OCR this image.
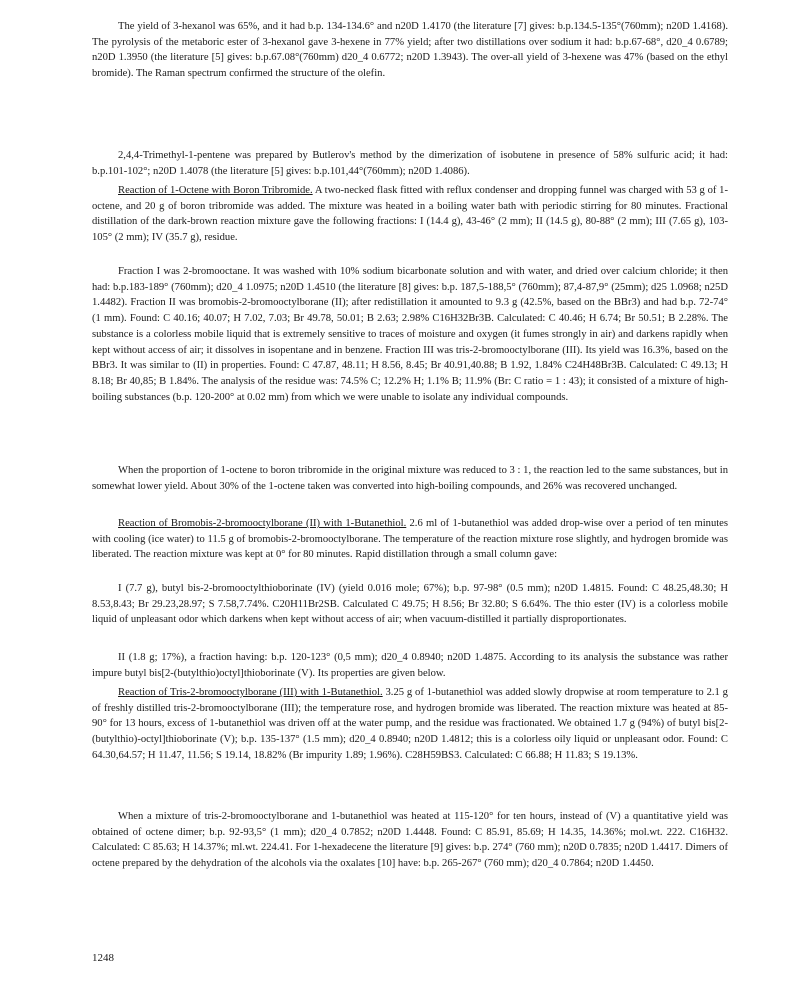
The yield of 3-hexanol was 65%, and it had b.p. 134-134.6° and n20D 1.4170 (the literature [7] gives: b.p.134.5-135°(760mm); n20D 1.4168). The pyrolysis of the metaboric ester of 3-hexanol gave 3-hexene in 77% yield; after two distillations over sodium it had: b.p.67-68°, d20_4 0.6789; n20D 1.3950 (the literature [5] gives: b.p.67.08°(760mm) d20_4 0.6772; n20D 1.3943). The over-all yield of 3-hexene was 47% (based on the ethyl bromide). The Raman spectrum confirmed the structure of the olefin.

2,4,4-Trimethyl-1-pentene was prepared by Butlerov's method by the dimerization of isobutene in presence of 58% sulfuric acid; it had: b.p.101-102°; n20D 1.4078 (the literature [5] gives: b.p.101,44°(760mm); n20D 1.4086).

Reaction of 1-Octene with Boron Tribromide. A two-necked flask fitted with reflux condenser and dropping funnel was charged with 53 g of 1-octene, and 20 g of boron tribromide was added. The mixture was heated in a boiling water bath with periodic stirring for 80 minutes. Fractional distillation of the dark-brown reaction mixture gave the following fractions: I (14.4 g), 43-46° (2 mm); II (14.5 g), 80-88° (2 mm); III (7.65 g), 103-105° (2 mm); IV (35.7 g), residue.

Fraction I was 2-bromooctane. It was washed with 10% sodium bicarbonate solution and with water, and dried over calcium chloride; it then had: b.p.183-189° (760mm); d20_4 1.0975; n20D 1.4510 (the literature [8] gives: b.p. 187,5-188,5° (760mm); 87,4-87,9° (25mm); d25 1.0968; n25D 1.4482). Fraction II was bromobis-2-bromooctylborane (II); after redistillation it amounted to 9.3 g (42.5%, based on the BBr3) and had b.p. 72-74° (1 mm). Found: C 40.16; 40.07; H 7.02, 7.03; Br 49.78, 50.01; B 2.63; 2.98% C16H32Br3B. Calculated: C 40.46; H 6.74; Br 50.51; B 2.28%. The substance is a colorless mobile liquid that is extremely sensitive to traces of moisture and oxygen (it fumes strongly in air) and darkens rapidly when kept without access of air; it dissolves in isopentane and in benzene. Fraction III was tris-2-bromooctylborane (III). Its yield was 16.3%, based on the BBr3. It was similar to (II) in properties. Found: C 47.87, 48.11; H 8.56, 8.45; Br 40.91,40.88; B 1.92, 1.84% C24H48Br3B. Calculated: C 49.13; H 8.18; Br 40,85; B 1.84%. The analysis of the residue was: 74.5% C; 12.2% H; 1.1% B; 11.9% (Br: C ratio = 1 : 43); it consisted of a mixture of high-boiling substances (b.p. 120-200° at 0.02 mm) from which we were unable to isolate any individual compounds.

When the proportion of 1-octene to boron tribromide in the original mixture was reduced to 3 : 1, the reaction led to the same substances, but in somewhat lower yield. About 30% of the 1-octene taken was converted into high-boiling compounds, and 26% was recovered unchanged.

Reaction of Bromobis-2-bromooctylborane (II) with 1-Butanethiol. 2.6 ml of 1-butanethiol was added drop-wise over a period of ten minutes with cooling (ice water) to 11.5 g of bromobis-2-bromooctylborane. The temperature of the reaction mixture rose slightly, and hydrogen bromide was liberated. The reaction mixture was kept at 0° for 80 minutes. Rapid distillation through a small column gave:

I (7.7 g), butyl bis-2-bromooctylthioborinate (IV) (yield 0.016 mole; 67%); b.p. 97-98° (0.5 mm); n20D 1.4815. Found: C 48.25,48.30; H 8.53,8.43; Br 29.23,28.97; S 7.58,7.74%. C20H11Br2SB. Calculated C 49.75; H 8.56; Br 32.80; S 6.64%. The thio ester (IV) is a colorless mobile liquid of unpleasant odor which darkens when kept without access of air; when vacuum-distilled it partially disproportionates.

II (1.8 g; 17%), a fraction having: b.p. 120-123° (0,5 mm); d20_4 0.8940; n20D 1.4875. According to its analysis the substance was rather impure butyl bis[2-(butylthio)octyl]thioborinate (V). Its properties are given below.

Reaction of Tris-2-bromooctylborane (III) with 1-Butanethiol. 3.25 g of 1-butanethiol was added slowly dropwise at room temperature to 2.1 g of freshly distilled tris-2-bromooctylborane (III); the temperature rose, and hydrogen bromide was liberated. The reaction mixture was heated at 85-90° for 13 hours, excess of 1-butanethiol was driven off at the water pump, and the residue was fractionated. We obtained 1.7 g (94%) of butyl bis[2-(butylthio)-octyl]thioborinate (V); b.p. 135-137° (1.5 mm); d20_4 0.8940; n20D 1.4812; this is a colorless oily liquid or unpleasant odor. Found: C 64.30,64.57; H 11.47, 11.56; S 19.14, 18.82% (Br impurity 1.89; 1.96%). C28H59BS3. Calculated: C 66.88; H 11.83; S 19.13%.

When a mixture of tris-2-bromooctylborane and 1-butanethiol was heated at 115-120° for ten hours, instead of (V) a quantitative yield was obtained of octene dimer; b.p. 92-93,5° (1 mm); d20_4 0.7852; n20D 1.4448. Found: C 85.91, 85.69; H 14.35, 14.36%; mol.wt. 222. C16H32. Calculated: C 85.63; H 14.37%; ml.wt. 224.41. For 1-hexadecene the literature [9] gives: b.p. 274° (760 mm); n20D 0.7835; n20D 1.4417. Dimers of octene prepared by the dehydration of the alcohols via the oxalates [10] have: b.p. 265-267° (760 mm); d20_4 0.7864; n20D 1.4450.

1248
